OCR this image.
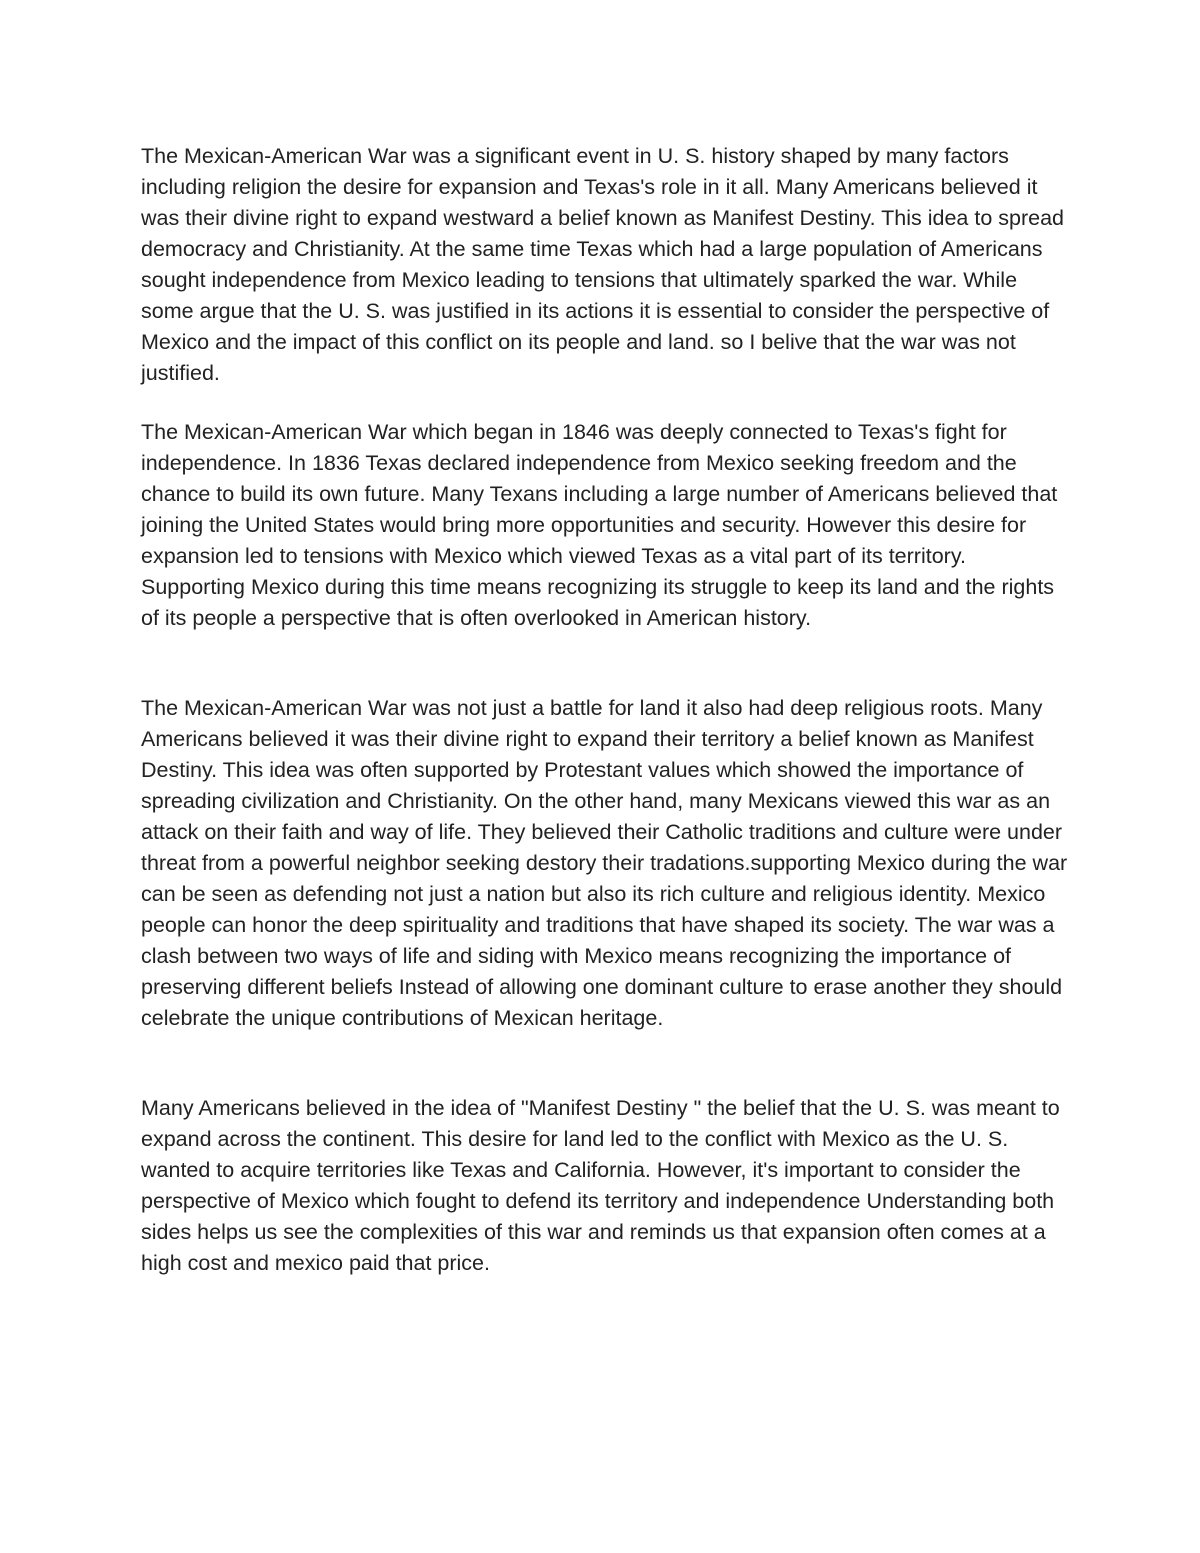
The Mexican-American War was a significant event in U. S. history shaped by many factors including religion the desire for expansion and Texas's role in it all. Many Americans believed it was their divine right to expand westward a belief known as Manifest Destiny. This idea to spread democracy and Christianity. At the same time Texas which had a large population of Americans sought independence from Mexico leading to tensions that ultimately sparked the war. While some argue that the U. S. was justified in its actions it is essential to consider the perspective of Mexico and the impact of this conflict on its people and land. so I belive that the war was not justified.

The Mexican-American War which began in 1846 was deeply connected to Texas's fight for independence. In 1836 Texas declared independence from Mexico seeking freedom and the chance to build its own future. Many Texans including a large number of Americans believed that joining the United States would bring more opportunities and security. However this desire for expansion led to tensions with Mexico which viewed Texas as a vital part of its territory. Supporting Mexico during this time means recognizing its struggle to keep its land and the rights of its people a perspective that is often overlooked in American history.

The Mexican-American War was not just a battle for land it also had deep religious roots. Many Americans believed it was their divine right to expand their territory a belief known as Manifest Destiny. This idea was often supported by Protestant values which showed the importance of spreading civilization and Christianity. On the other hand, many Mexicans viewed this war as an attack on their faith and way of life. They believed their Catholic traditions and culture were under threat from a powerful neighbor seeking destory their tradations.supporting Mexico during the war can be seen as defending not just a nation but also its rich culture and religious identity. Mexico people can honor the deep spirituality and traditions that have shaped its society. The war was a clash between two ways of life and siding with Mexico means recognizing the importance of preserving different beliefs Instead of allowing one dominant culture to erase another they should celebrate the unique contributions of Mexican heritage.

Many Americans believed in the idea of "Manifest Destiny " the belief that the U. S. was meant to expand across the continent. This desire for land led to the conflict with Mexico as the U. S. wanted to acquire territories like Texas and California. However, it's important to consider the perspective of Mexico which fought to defend its territory and independence Understanding both sides helps us see the complexities of this war and reminds us that expansion often comes at a high cost and mexico paid that price.
